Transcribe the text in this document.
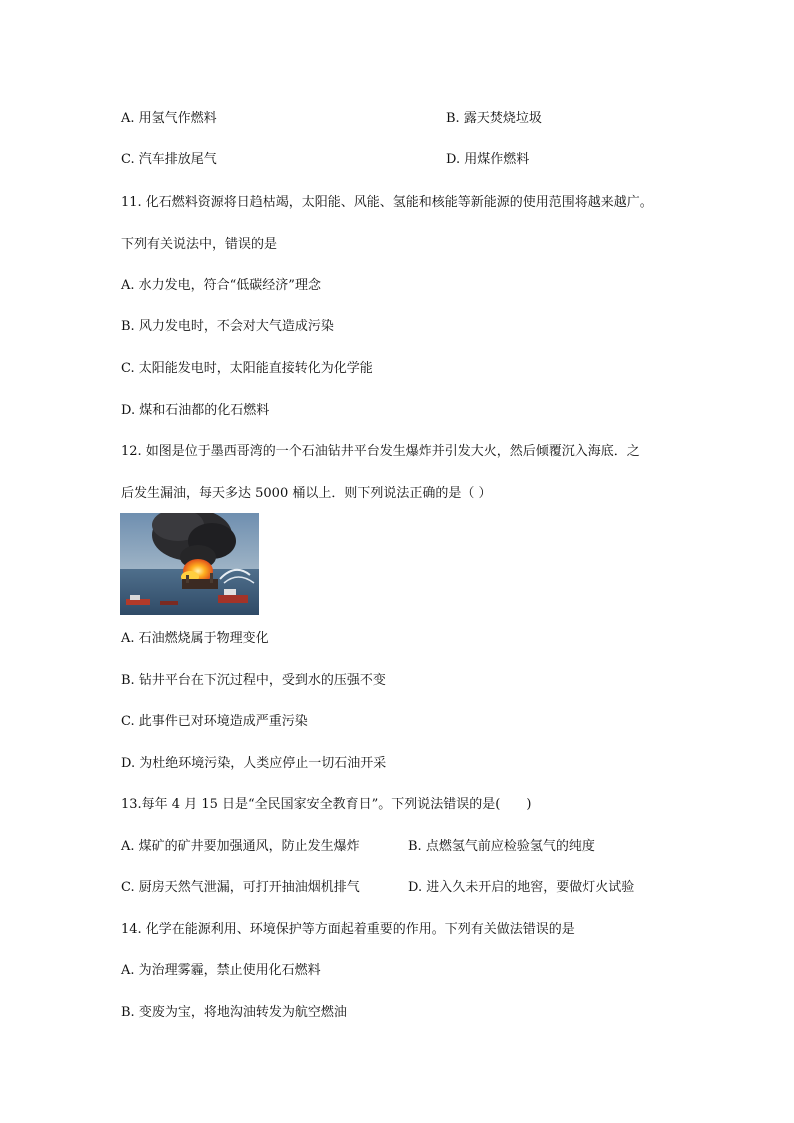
A. 用氢气作燃料	B. 露天焚烧垃圾
C. 汽车排放尾气	D. 用煤作燃料
11. 化石燃料资源将日趋枯竭，太阳能、风能、氢能和核能等新能源的使用范围将越来越广。
下列有关说法中，错误的是
A. 水力发电，符合“低碳经济”理念
B. 风力发电时，不会对大气造成污染
C. 太阳能发电时，太阳能直接转化为化学能
D. 煤和石油都的化石燃料
12. 如图是位于墨西哥湾的一个石油钻井平台发生爆炸并引发大火，然后倾覆沉入海底．之
后发生漏油，每天多达 5000 桶以上．则下列说法正确的是（ ）
A. 石油燃烧属于物理变化
B. 钻井平台在下沉过程中，受到水的压强不变
C. 此事件已对环境造成严重污染
D. 为杜绝环境污染，人类应停止一切石油开采
13.每年 4 月 15 日是“全民国家安全教育日”。下列说法错误的是(　　)
A. 煤矿的矿井要加强通风，防止发生爆炸	B. 点燃氢气前应检验氢气的纯度
C. 厨房天然气泄漏，可打开抽油烟机排气	D. 进入久未开启的地窖，要做灯火试验
14. 化学在能源利用、环境保护等方面起着重要的作用。下列有关做法错误的是
A. 为治理雾霾，禁止使用化石燃料
B. 变废为宝，将地沟油转发为航空燃油
